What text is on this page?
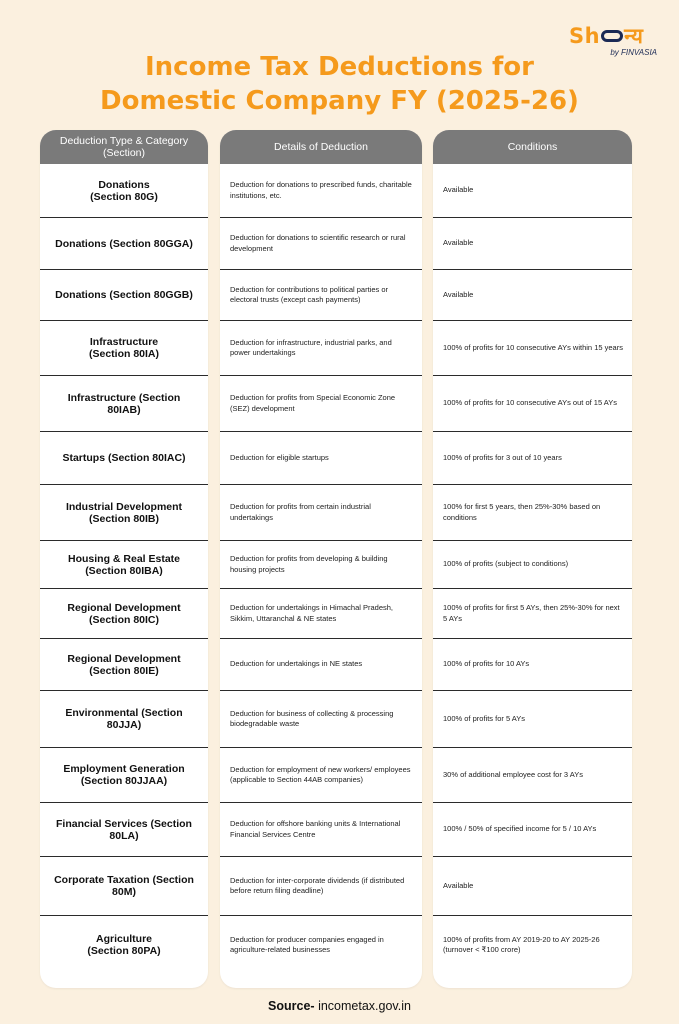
Sh न्य
by FINVASIA
Income Tax Deductions for
Domestic Company FY (2025-26)
Deduction Type & Category (Section)
Donations
(Section 80G)
Donations (Section 80GGA)
Donations (Section 80GGB)
Infrastructure
(Section 80IA)
Infrastructure (Section 80IAB)
Startups (Section 80IAC)
Industrial Development (Section 80IB)
Housing & Real Estate (Section 80IBA)
Regional Development (Section 80IC)
Regional Development (Section 80IE)
Environmental (Section 80JJA)
Employment Generation (Section 80JJAA)
Financial Services (Section 80LA)
Corporate Taxation (Section 80M)
Agriculture
(Section 80PA)
Details of Deduction
Deduction for donations to prescribed funds, charitable institutions, etc.
Deduction for donations to scientific research or rural development
Deduction for contributions to political parties or electoral trusts (except cash payments)
Deduction for infrastructure, industrial parks, and power undertakings
Deduction for profits from Special Economic Zone (SEZ) development
Deduction for eligible startups
Deduction for profits from certain industrial undertakings
Deduction for profits from developing & building housing projects
Deduction for undertakings in Himachal Pradesh, Sikkim, Uttaranchal & NE states
Deduction for undertakings in NE states
Deduction for business of collecting & processing biodegradable waste
Deduction for employment of new workers/ employees (applicable to Section 44AB companies)
Deduction for offshore banking units & International Financial Services Centre
Deduction for inter-corporate dividends (if distributed before return filing deadline)
Deduction for producer companies engaged in agriculture-related businesses
Conditions
Available
Available
Available
100% of profits for 10 consecutive AYs within 15 years
100% of profits for 10 consecutive AYs out of 15 AYs
100% of profits for 3 out of 10 years
100% for first 5 years, then 25%-30% based on conditions
100% of profits (subject to conditions)
100% of profits for first 5 AYs, then 25%-30% for next 5 AYs
100% of profits for 10 AYs
100% of profits for 5 AYs
30% of additional employee cost for 3 AYs
100% / 50% of specified income for 5 / 10 AYs
Available
100% of profits from AY 2019-20 to AY 2025-26 (turnover < ₹100 crore)
Source- incometax.gov.in
